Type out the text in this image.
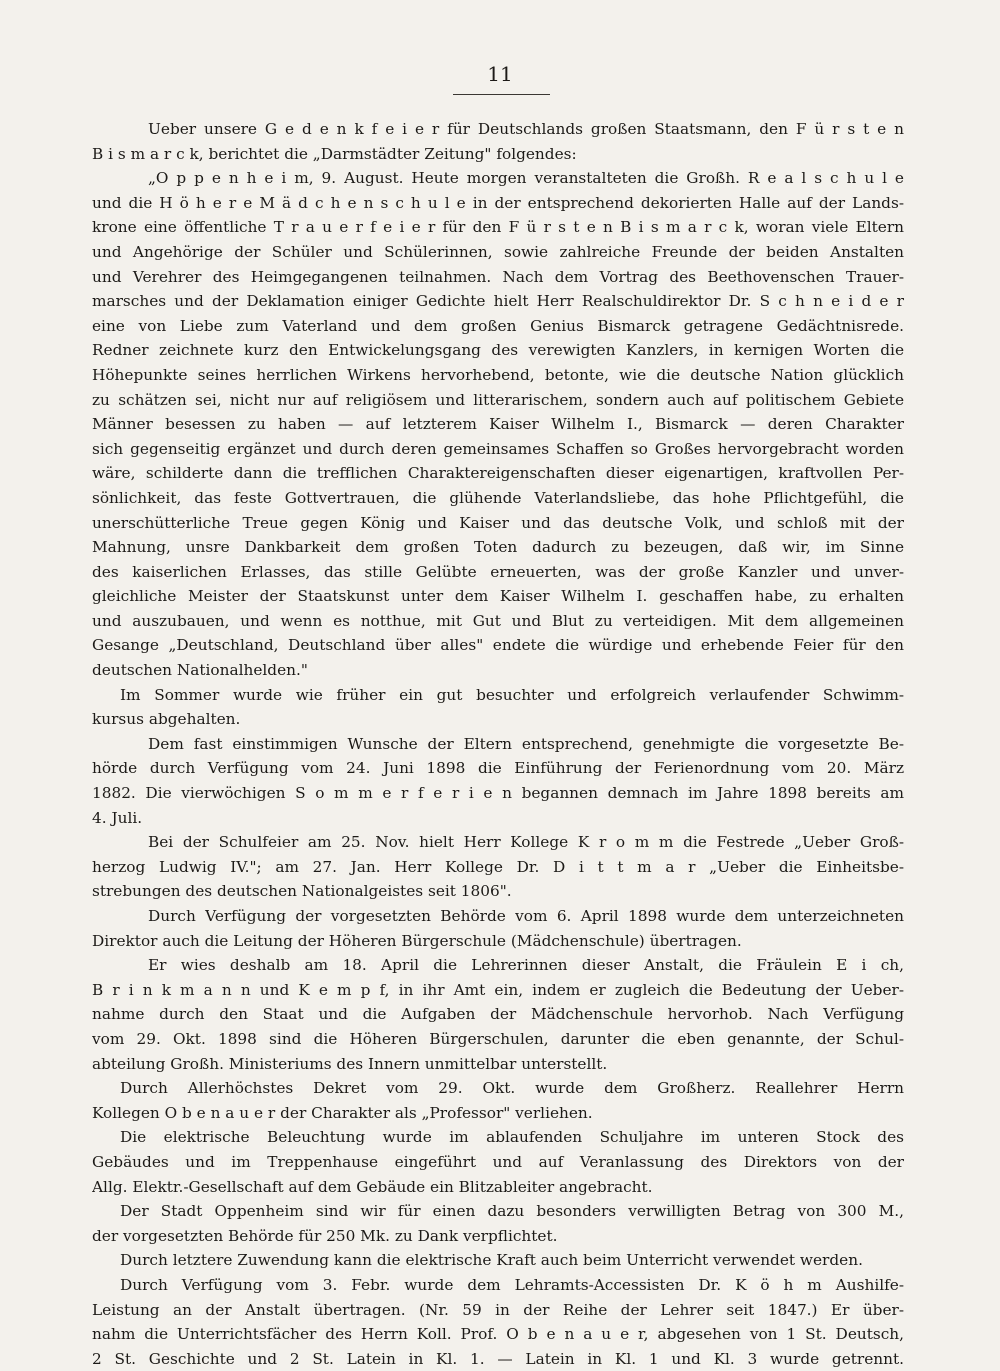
11
Ueber unsere G e d e n k f e i e r für Deutschlands großen Staatsmann, den F ü r s t e n
B i s m a r c k, berichtet die „Darmstädter Zeitung" folgendes:
„O p p e n h e i m, 9. August. Heute morgen veranstalteten die Großh. R e a l s c h u l e
und die H ö h e r e M ä d c h e n s c h u l e in der entsprechend dekorierten Halle auf der Lands-
krone eine öffentliche T r a u e r f e i e r für den F ü r s t e n B i s m a r c k, woran viele Eltern
und Angehörige der Schüler und Schülerinnen, sowie zahlreiche Freunde der beiden Anstalten
und Verehrer des Heimgegangenen teilnahmen. Nach dem Vortrag des Beethovenschen Trauer-
marsches und der Deklamation einiger Gedichte hielt Herr Realschuldirektor Dr. S c h n e i d e r
eine von Liebe zum Vaterland und dem großen Genius Bismarck getragene Gedächtnisrede.
Redner zeichnete kurz den Entwickelungsgang des verewigten Kanzlers, in kernigen Worten die
Höhepunkte seines herrlichen Wirkens hervorhebend, betonte, wie die deutsche Nation glücklich
zu schätzen sei, nicht nur auf religiösem und litterarischem, sondern auch auf politischem Gebiete
Männer besessen zu haben — auf letzterem Kaiser Wilhelm I., Bismarck — deren Charakter
sich gegenseitig ergänzet und durch deren gemeinsames Schaffen so Großes hervorgebracht worden
wäre, schilderte dann die trefflichen Charaktereigenschaften dieser eigenartigen, kraftvollen Per-
sönlichkeit, das feste Gottvertrauen, die glühende Vaterlandsliebe, das hohe Pflichtgefühl, die
unerschütterliche Treue gegen König und Kaiser und das deutsche Volk, und schloß mit der
Mahnung, unsre Dankbarkeit dem großen Toten dadurch zu bezeugen, daß wir, im Sinne
des kaiserlichen Erlasses, das stille Gelübte erneuerten, was der große Kanzler und unver-
gleichliche Meister der Staatskunst unter dem Kaiser Wilhelm I. geschaffen habe, zu erhalten
und auszubauen, und wenn es notthue, mit Gut und Blut zu verteidigen. Mit dem allgemeinen
Gesange „Deutschland, Deutschland über alles" endete die würdige und erhebende Feier für den
deutschen Nationalhelden."
Im Sommer wurde wie früher ein gut besuchter und erfolgreich verlaufender Schwimm-
kursus abgehalten.
Dem fast einstimmigen Wunsche der Eltern entsprechend, genehmigte die vorgesetzte Be-
hörde durch Verfügung vom 24. Juni 1898 die Einführung der Ferienordnung vom 20. März
1882. Die vierwöchigen S o m m e r f e r i e n begannen demnach im Jahre 1898 bereits am
4. Juli.
Bei der Schulfeier am 25. Nov. hielt Herr Kollege K r o m m die Festrede „Ueber Groß-
herzog Ludwig IV."; am 27. Jan. Herr Kollege Dr. D i t t m a r „Ueber die Einheitsbe-
strebungen des deutschen Nationalgeistes seit 1806".
Durch Verfügung der vorgesetzten Behörde vom 6. April 1898 wurde dem unterzeichneten
Direktor auch die Leitung der Höheren Bürgerschule (Mädchenschule) übertragen.
Er wies deshalb am 18. April die Lehrerinnen dieser Anstalt, die Fräulein E i ch,
B r i n k m a n n und K e m p f, in ihr Amt ein, indem er zugleich die Bedeutung der Ueber-
nahme durch den Staat und die Aufgaben der Mädchenschule hervorhob. Nach Verfügung
vom 29. Okt. 1898 sind die Höheren Bürgerschulen, darunter die eben genannte, der Schul-
abteilung Großh. Ministeriums des Innern unmittelbar unterstellt.
Durch Allerhöchstes Dekret vom 29. Okt. wurde dem Großherz. Reallehrer Herrn
Kollegen O b e n a u e r der Charakter als „Professor" verliehen.
Die elektrische Beleuchtung wurde im ablaufenden Schuljahre im unteren Stock des
Gebäudes und im Treppenhause eingeführt und auf Veranlassung des Direktors von der
Allg. Elektr.-Gesellschaft auf dem Gebäude ein Blitzableiter angebracht.
Der Stadt Oppenheim sind wir für einen dazu besonders verwilligten Betrag von 300 M.,
der vorgesetzten Behörde für 250 Mk. zu Dank verpflichtet.
Durch letztere Zuwendung kann die elektrische Kraft auch beim Unterricht verwendet werden.
Durch Verfügung vom 3. Febr. wurde dem Lehramts-Accessisten Dr. K ö h m Aushilfe-
Leistung an der Anstalt übertragen. (Nr. 59 in der Reihe der Lehrer seit 1847.) Er über-
nahm die Unterrichtsfächer des Herrn Koll. Prof. O b e n a u e r, abgesehen von 1 St. Deutsch,
2 St. Geschichte und 2 St. Latein in Kl. 1. — Latein in Kl. 1 und Kl. 3 wurde getrennt.
